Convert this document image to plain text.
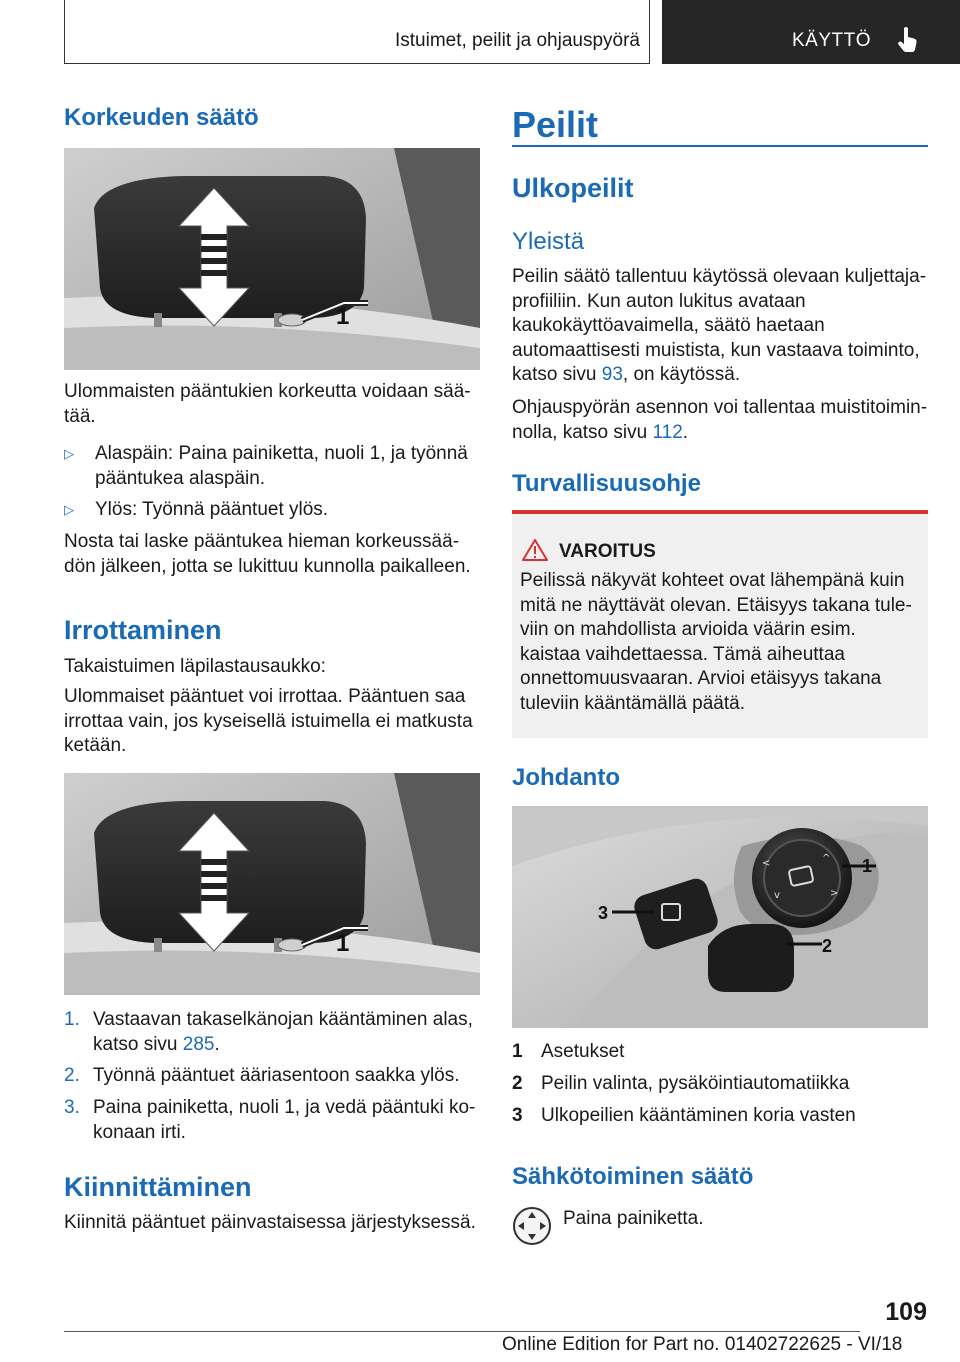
Istuimet, peilit ja ohjauspyörä	KÄYTTÖ
Korkeuden säätö
1
Ulommaisten pääntukien korkeutta voidaan säätää.
▷ Alaspäin: Paina painiketta, nuoli 1, ja työnnä pääntukea alaspäin.
▷ Ylös: Työnnä pääntuet ylös.
Nosta tai laske pääntukea hieman korkeussäädön jälkeen, jotta se lukittuu kunnolla paikalleen.
Irrottaminen
Takaistuimen läpilastausaukko:
Ulommaiset pääntuet voi irrottaa. Pääntuen saa irrottaa vain, jos kyseisellä istuimella ei matkusta ketään.
1
1. Vastaavan takaselkänojan kääntäminen alas, katso sivu 285.
2. Työnnä pääntuet ääriasentoon saakka ylös.
3. Paina painiketta, nuoli 1, ja vedä pääntuki kokonaan irti.
Kiinnittäminen
Kiinnitä pääntuet päinvastaisessa järjestyksessä.
Peilit
Ulkopeilit
Yleistä
Peilin säätö tallentuu käytössä olevaan kuljettajaprofiiliin. Kun auton lukitus avataan kaukokäyttöavaimella, säätö haetaan automaattisesti muistista, kun vastaava toiminto, katso sivu 93, on käytössä.
Ohjauspyörän asennon voi tallentaa muistitoiminnolla, katso sivu 112.
Turvallisuusohje
VAROITUS
Peilissä näkyvät kohteet ovat lähempänä kuin mitä ne näyttävät olevan. Etäisyys takana tuleviin on mahdollista arvioida väärin esim. kaistaa vaihdettaessa. Tämä aiheuttaa onnettomuusvaaran. Arvioi etäisyys takana tuleviin kääntämällä päätä.
Johdanto
<
>
v
^ 1
2
3
1 Asetukset
2 Peilin valinta, pysäköintiautomatiikka
3 Ulkopeilien kääntäminen koria vasten
Sähkötoiminen säätö
Paina painiketta.
109
Online Edition for Part no. 01402722625 - VI/18
